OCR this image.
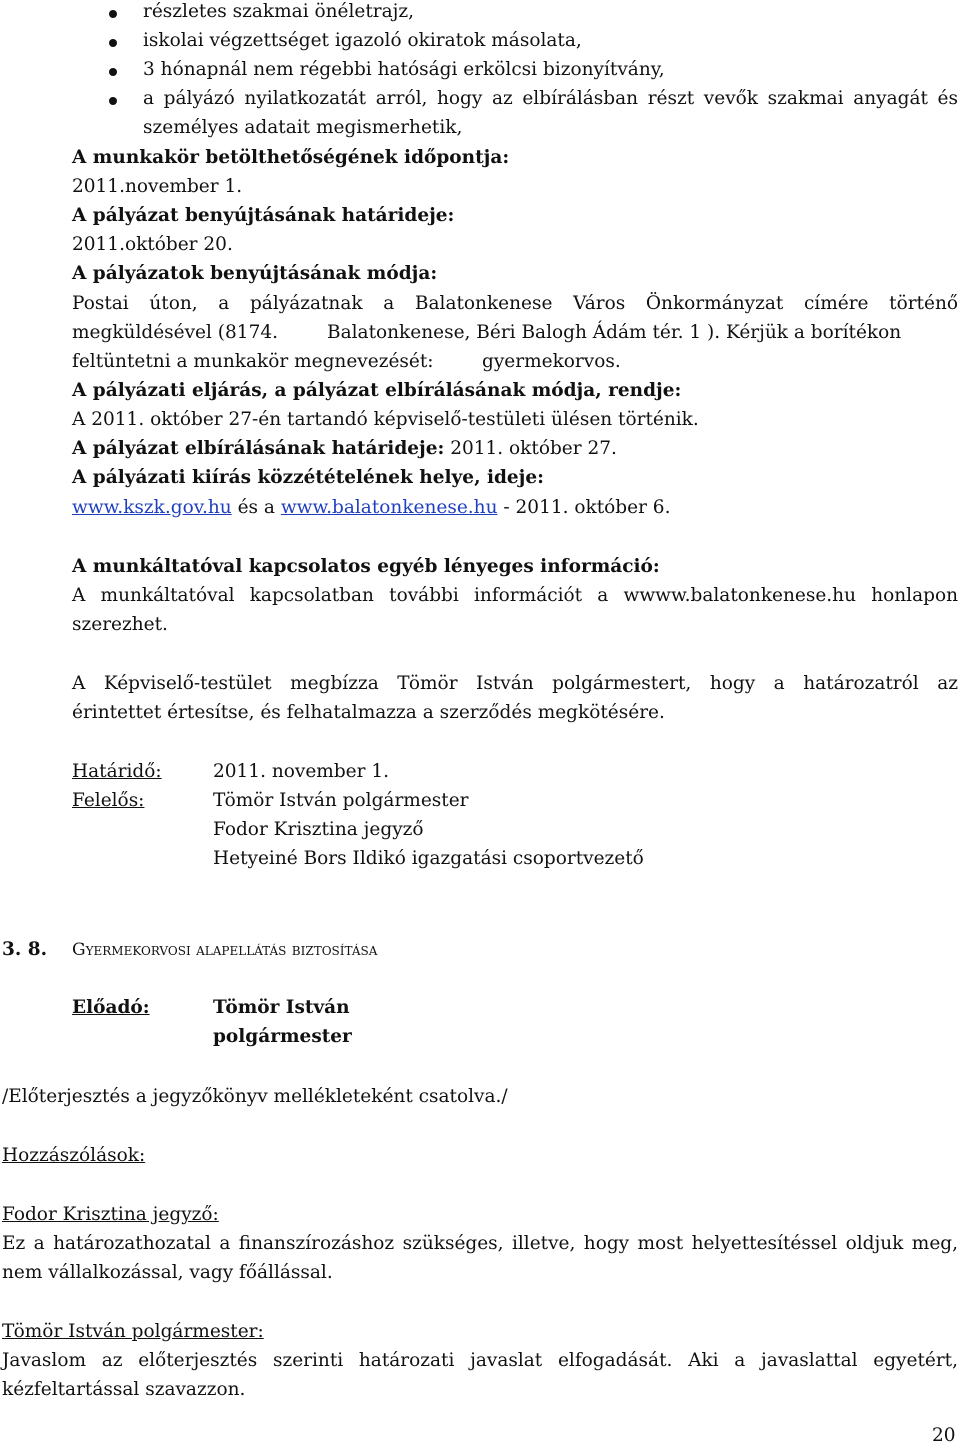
részletes szakmai önéletrajz,
iskolai végzettséget igazoló okiratok másolata,
3 hónapnál nem régebbi hatósági erkölcsi bizonyítvány,
a pályázó nyilatkozatát arról, hogy az elbírálásban részt vevők szakmai anyagát és
személyes adatait megismerhetik,
A munkakör betölthetőségének időpontja:
2011.november 1.
A pályázat benyújtásának határideje:
2011.október 20.
A pályázatok benyújtásának módja:
Postai úton, a pályázatnak a Balatonkenese Város Önkormányzat címére történő
megküldésével (8174.	Balatonkenese, Béri Balogh Ádám tér. 1 ). Kérjük a borítékon
feltüntetni a munkakör megnevezését:	gyermekorvos.
A pályázati eljárás, a pályázat elbírálásának módja, rendje:
A 2011. október 27-én tartandó képviselő-testületi ülésen történik.
A pályázat elbírálásának határideje: 2011. október 27.
A pályázati kiírás közzétételének helye, ideje:
www.kszk.gov.hu és a www.balatonkenese.hu - 2011. október 6.
A munkáltatóval kapcsolatos egyéb lényeges információ:
A munkáltatóval kapcsolatban további információt a wwww.balatonkenese.hu honlapon
szerezhet.
A Képviselő-testület megbízza Tömör István polgármestert, hogy a határozatról az
érintettet értesítse, és felhatalmazza a szerződés megkötésére.
Határidő:	2011. november 1.
Felelős:	Tömör István polgármester
Fodor Krisztina jegyző
Hetyeiné Bors Ildikó igazgatási csoportvezető
3. 8. Gyermekorvosi alapellátás biztosítása
Előadó:	Tömör István
polgármester
/Előterjesztés a jegyzőkönyv mellékleteként csatolva./
Hozzászólások:
Fodor Krisztina jegyző:
Ez a határozathozatal a finanszírozáshoz szükséges, illetve, hogy most helyettesítéssel oldjuk meg,
nem vállalkozással, vagy főállással.
Tömör István polgármester:
Javaslom az előterjesztés szerinti határozati javaslat elfogadását. Aki a javaslattal egyetért,
kézfeltartással szavazzon.
20
